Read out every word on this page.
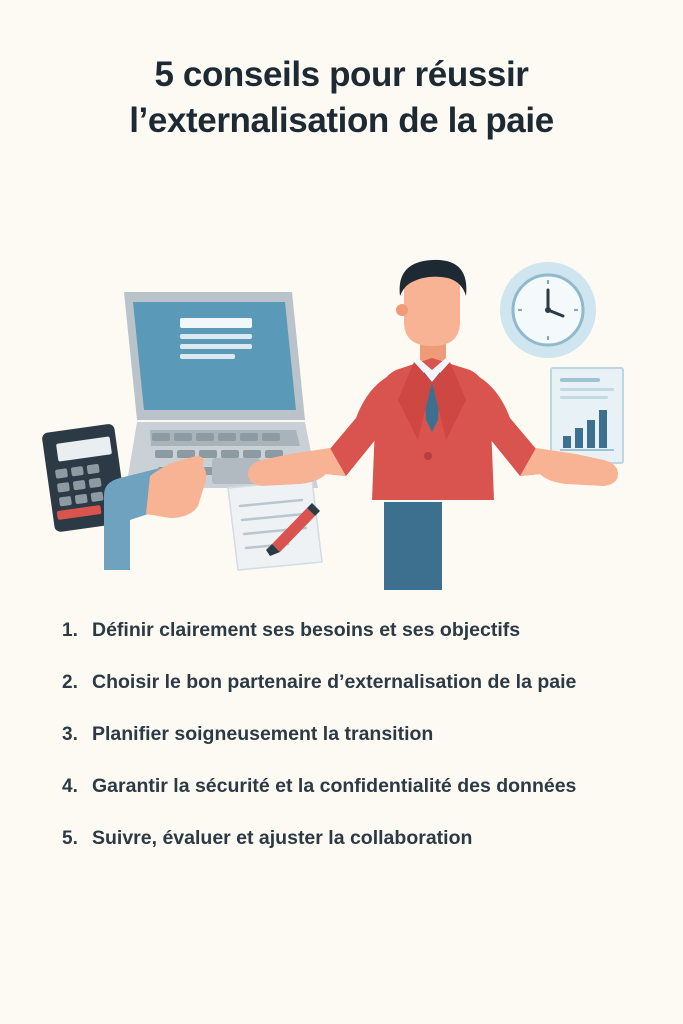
5 conseils pour réussir
l’externalisation de la paie
1. Définir clairement ses besoins et ses objectifs
2. Choisir le bon partenaire d’externalisation de la paie
3. Planifier soigneusement la transition
4. Garantir la sécurité et la confidentialité des données
5. Suivre, évaluer et ajuster la collaboration
